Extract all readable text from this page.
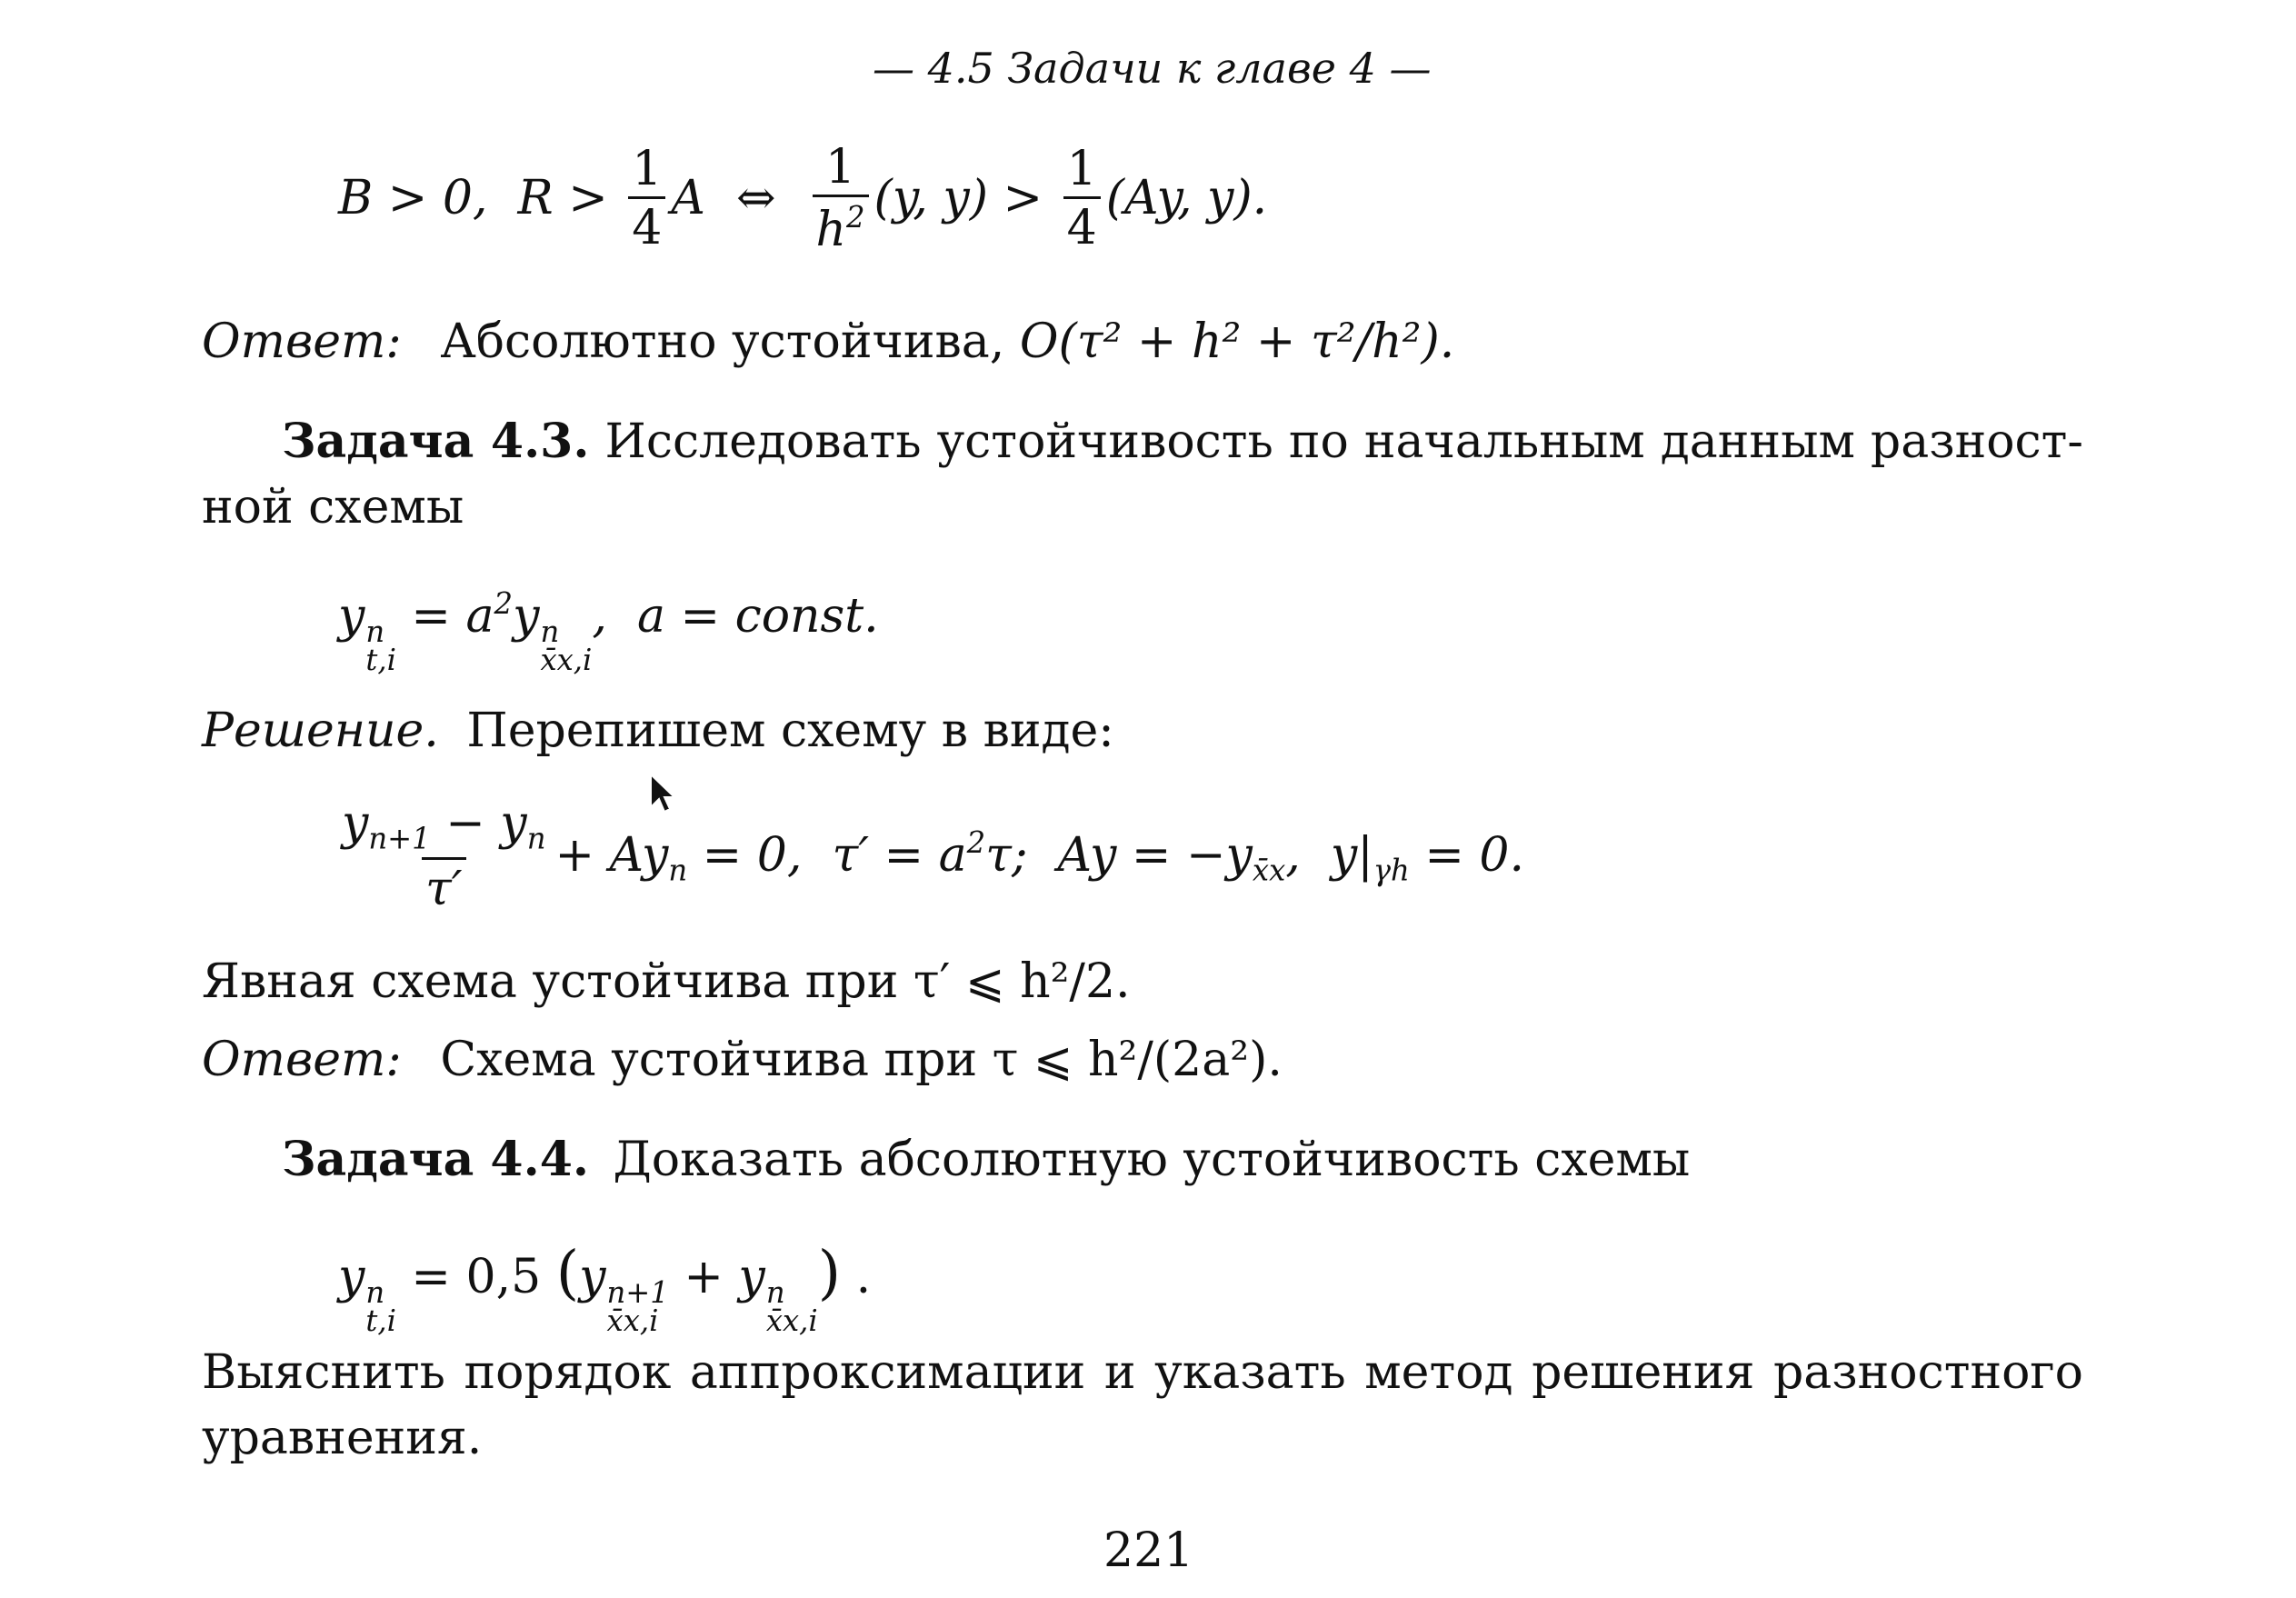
— 4.5 Задачи к главе 4 —
B > 0,  $R > \frac{1}{4}$ A ⇔ $\frac{1}{h^2} (y$, $y) > \frac{1}{4} (Ay$, y).
Ответ: Абсолютно устойчива, O(τ² + h² + τ²/h²).
Задача 4.3. Исследовать устойчивость по начальным данным разност-
ной схемы
y n
t,i
= $a^2y$ n
x̄x,i
,  a = const.
Решение. Перепишем схему в виде:
$\frac{y_{n+1} - y_n}{\tau'} + Ay_n = 0$,  $\tau' = a^2\tau$;  $Ay = -y_{x̄x}$,  $y|_{\gamma h} = 0$.
Явная схема устойчива при τ′ ⩽ h²/2.
Ответ: Схема устойчива при τ ⩽ h²/(2a²).
Задача 4.4. Доказать абсолютную устойчивость схемы
y n
t,i
= 0,5 (y n+1
x̄x,i
+ y n
x̄x,i
) .
Выяснить порядок аппроксимации и указать метод решения разностного
уравнения.
221
